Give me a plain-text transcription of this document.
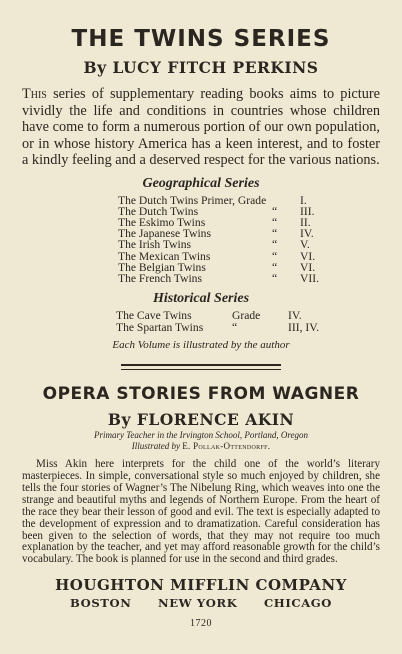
THE TWINS SERIES
By LUCY FITCH PERKINS

This series of supplementary reading books aims to picture vividly the life and conditions in countries whose children have come to form a numerous portion of our own population, or in whose history America has a keen interest, and to foster a kindly feeling and a deserved respect for the various nations.

Geographical Series
The Dutch Twins Primer, Grade	I.
The Dutch Twins	“	III.
The Eskimo Twins	“	II.
The Japanese Twins	“	IV.
The Irish Twins	“	V.
The Mexican Twins	“	VI.
The Belgian Twins	“	VI.
The French Twins	“	VII.
Historical Series
The Cave Twins	Grade	IV.
The Spartan Twins	“	III, IV.
Each Volume is illustrated by the author
OPERA STORIES FROM WAGNER
By FLORENCE AKIN
Primary Teacher in the Irvington School, Portland, Oregon
Illustrated by E. Pollak-Ottendorff.

Miss Akin here interprets for the child one of the world’s literary masterpieces. In simple, conversational style so much enjoyed by children, she tells the four stories of Wagner’s The Nibelung Ring, which weaves into one the strange and beautiful myths and legends of Northern Europe. From the heart of the race they bear their lesson of good and evil. The text is especially adapted to the development of expression and to dramatization. Careful consideration has been given to the selection of words, that they may not require too much explanation by the teacher, and yet may afford reasonable growth for the child’s vocabulary. The book is planned for use in the second and third grades.

HOUGHTON MIFFLIN COMPANY
BOSTON NEW YORK CHICAGO
1720
